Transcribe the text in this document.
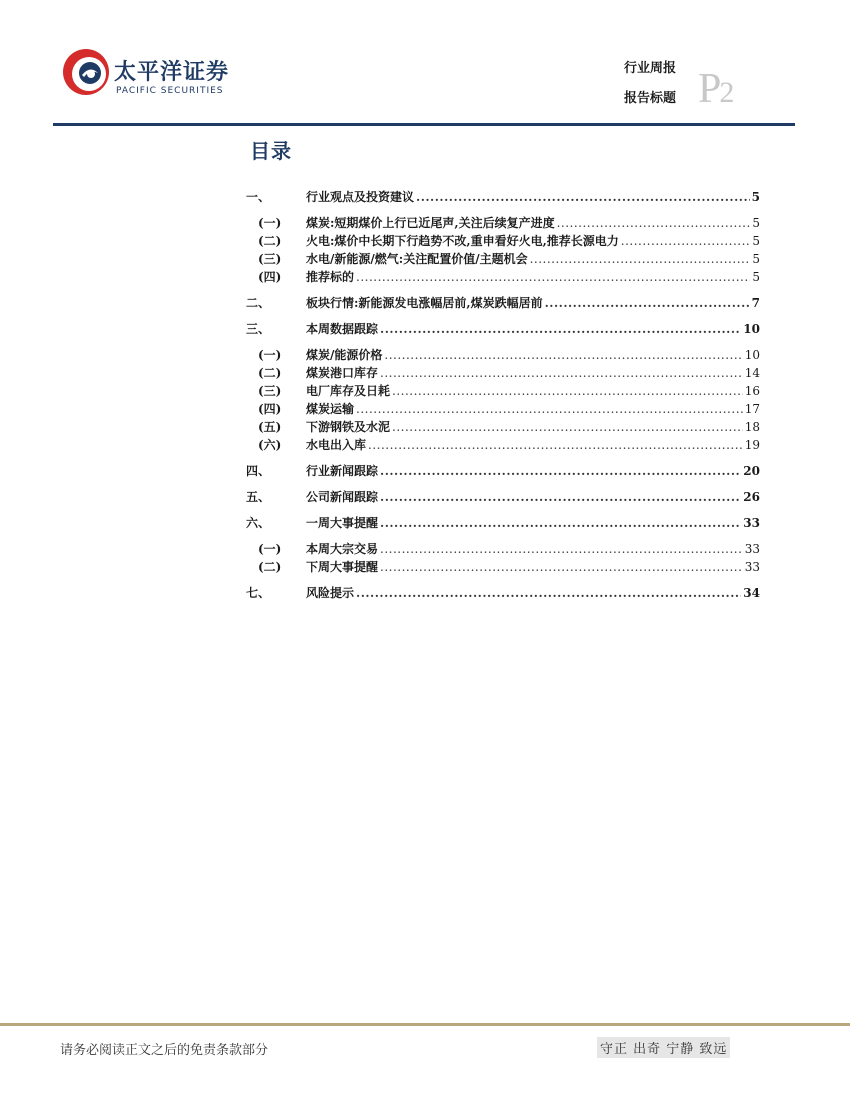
太平洋证券
PACIFIC SECURITIES
行业周报
报告标题 P2
目录
一、	行业观点及投资建议 .....	5
(一)	煤炭:短期煤价上行已近尾声,关注后续复产进度 .....	5
(二)	火电:煤价中长期下行趋势不改,重申看好火电,推荐长源电力 .....	5
(三)	水电/新能源/燃气:关注配置价值/主题机会 .....	5
(四)	推荐标的 .....	5
二、	板块行情:新能源发电涨幅居前,煤炭跌幅居前 .....	7
三、	本周数据跟踪 .....	10
(一)	煤炭/能源价格 .....	10
(二)	煤炭港口库存 .....	14
(三)	电厂库存及日耗 .....	16
(四)	煤炭运输 .....	17
(五)	下游钢铁及水泥 .....	18
(六)	水电出入库 .....	19
四、	行业新闻跟踪 .....	20
五、	公司新闻跟踪 .....	26
六、	一周大事提醒 .....	33
(一)	本周大宗交易 .....	33
(二)	下周大事提醒 .....	33
七、	风险提示 .....	34
请务必阅读正文之后的免责条款部分	守正 出奇 宁静 致远
